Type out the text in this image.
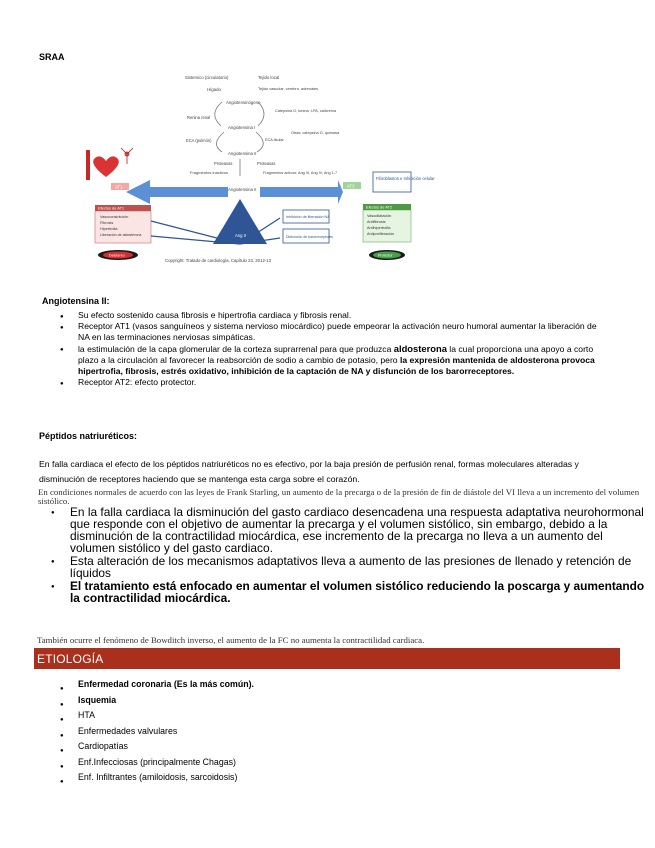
SRAA
Sistemico (circulatorio)	Tejido local
Hígado	Tejido vascular, cerebro, adrenales
Angiotensinógeno
Renina renal
Catepsina G, tonina, t-PA, calicreína
Angiotensina I
ECA (pulmón)
Otras: catepsina G, quimasa
ECA tisular
Angiotensina II
Proteasas	Proteasas
Fragmentos inactivos	Fragmentos activos: Ang III, Ang IV, Ang 1-7
Angiotensina II
AT1
Efectos de AT1
Vasoconstricción
Fibrosis
Hipertrofia
Liberación de aldosterona	Ang II
Inhibición de liberación NA
Disfunción de barorreceptores
Deletéreo
Copyright: Tratado de cardiología, Capítulo 23, 2012-13
AT2
Fibroblastos e Inhibición celular
Efectos de AT2
Vasodilatación
Antifibrosis
Antihipertrofia
Antiproliferación
Protector
Angiotensina II:
● Su efecto sostenido causa fibrosis e hipertrofia cardiaca y fibrosis renal.
● Receptor AT1 (vasos sanguíneos y sistema nervioso miocárdico) puede empeorar la activación neuro humoral aumentar la liberación de NA en las terminaciones nerviosas simpáticas.
● la estimulación de la capa glomerular de la corteza suprarrenal para que produzca aldosterona la cual proporciona una apoyo a corto plazo a la circulación al favorecer la reabsorción de sodio a cambio de potasio, pero la expresión mantenida de aldosterona provoca hipertrofia, fibrosis, estrés oxidativo, inhibición de la captación de NA y disfunción de los barorreceptores.
● Receptor AT2: efecto protector.
Péptidos natriuréticos:
En falla cardiaca el efecto de los péptidos natriuréticos no es efectivo, por la baja presión de perfusión renal, formas moleculares alteradas y disminución de receptores haciendo que se mantenga esta carga sobre el corazón.
En condiciones normales de acuerdo con las leyes de Frank Starling, un aumento de la precarga o de la presión de fin de diástole del VI lleva a un incremento del volumen sistólico.
● En la falla cardiaca la disminución del gasto cardiaco desencadena una respuesta adaptativa neurohormonal que responde con el objetivo de aumentar la precarga y el volumen sistólico, sin embargo, debido a la disminución de la contractilidad miocárdica, ese incremento de la precarga no lleva a un aumento del volumen sistólico y del gasto cardiaco.
● Esta alteración de los mecanismos adaptativos lleva a aumento de las presiones de llenado y retención de líquidos
● El tratamiento está enfocado en aumentar el volumen sistólico reduciendo la poscarga y aumentando la contractilidad miocárdica.
También ocurre el fenómeno de Bowditch inverso, el aumento de la FC no aumenta la contractilidad cardiaca.
ETIOLOGÍA
● Enfermedad coronaria (Es la más común).
● Isquemia
● HTA
● Enfermedades valvulares
● Cardiopatías
● Enf.Infecciosas (principalmente Chagas)
● Enf. Infiltrantes (amiloidosis, sarcoidosis)
